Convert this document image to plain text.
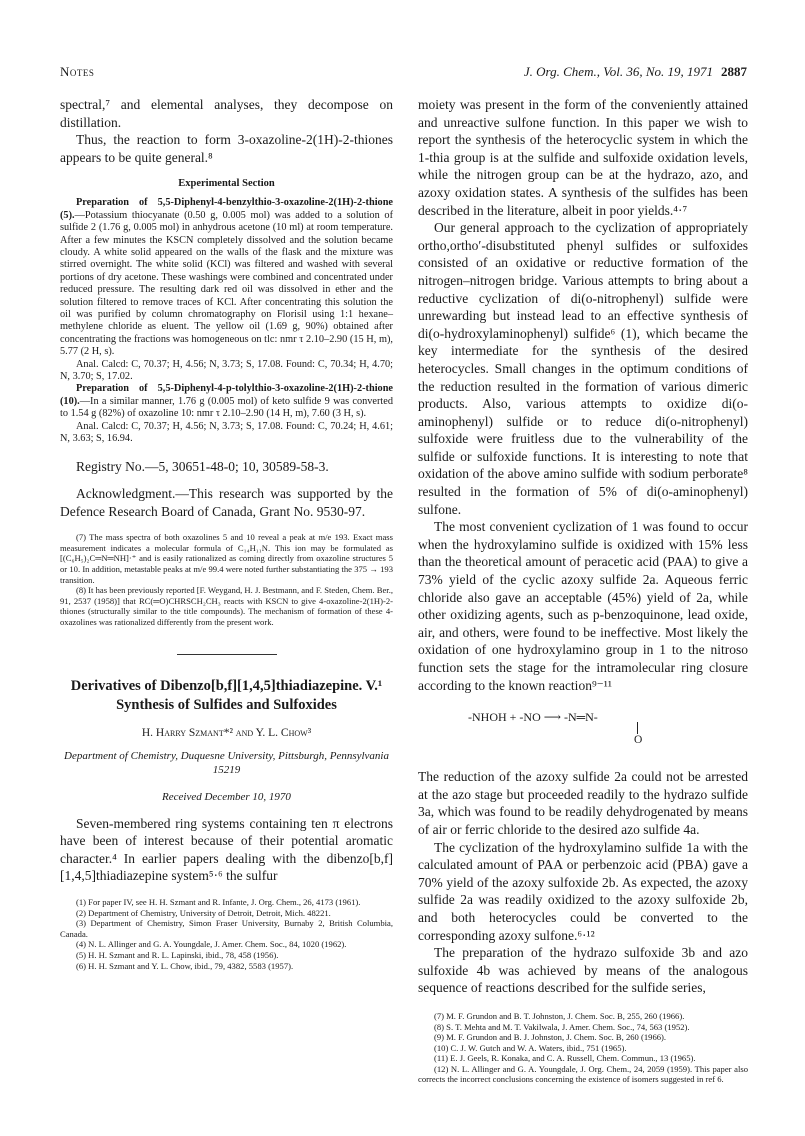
Notes	J. Org. Chem., Vol. 36, No. 19, 1971 2887

spectral,⁷ and elemental analyses, they decompose on distillation.

Thus, the reaction to form 3-oxazoline-2(1H)-2-thiones appears to be quite general.⁸

Experimental Section

Preparation of 5,5-Diphenyl-4-benzylthio-3-oxazoline-2(1H)-2-thione (5).—Potassium thiocyanate (0.50 g, 0.005 mol) was added to a solution of sulfide 2 (1.76 g, 0.005 mol) in anhydrous acetone (10 ml) at room temperature. After a few minutes the KSCN completely dissolved and the solution became cloudy. A white solid appeared on the walls of the flask and the mixture was stirred overnight. The white solid (KCl) was filtered and washed with several portions of dry acetone. These washings were combined and concentrated under reduced pressure. The resulting dark red oil was dissolved in ether and the solution filtered to remove traces of KCl. After concentrating this solution the oil was purified by column chromatography on Florisil using 1:1 hexane–methylene chloride as eluent. The yellow oil (1.69 g, 90%) obtained after concentrating the fractions was homogeneous on tlc: nmr τ 2.10–2.90 (15 H, m), 5.77 (2 H, s).

Anal. Calcd: C, 70.37; H, 4.56; N, 3.73; S, 17.08. Found: C, 70.34; H, 4.70; N, 3.70; S, 17.02.

Preparation of 5,5-Diphenyl-4-p-tolylthio-3-oxazoline-2(1H)-2-thione (10).—In a similar manner, 1.76 g (0.005 mol) of keto sulfide 9 was converted to 1.54 g (82%) of oxazoline 10: nmr τ 2.10–2.90 (14 H, m), 7.60 (3 H, s).

Anal. Calcd: C, 70.37; H, 4.56; N, 3.73; S, 17.08. Found: C, 70.24; H, 4.61; N, 3.63; S, 16.94.

Registry No.—5, 30651-48-0; 10, 30589-58-3.

Acknowledgment.—This research was supported by the Defence Research Board of Canada, Grant No. 9530-97.

(7) The mass spectra of both oxazolines 5 and 10 reveal a peak at m/e 193. Exact mass measurement indicates a molecular formula of C₁₄H₁₁N. This ion may be formulated as [(C₆H₅)₂C═N═NH]·⁺ and is easily rationalized as coming directly from oxazoline structures 5 or 10. In addition, metastable peaks at m/e 99.4 were noted further substantiating the 375 → 193 transition.

(8) It has been previously reported [F. Weygand, H. J. Bestmann, and F. Steden, Chem. Ber., 91, 2537 (1958)] that RC(═O)CHRSCH₂CH₃ reacts with KSCN to give 4-oxazoline-2(1H)-2-thiones (structurally similar to the title compounds). The mechanism of formation of these 4-oxazolines was rationalized differently from the present work.

Derivatives of Dibenzo[b,f][1,4,5]thiadiazepine. V.¹ Synthesis of Sulfides and Sulfoxides
H. Harry Szmant*² and Y. L. Chow³
Department of Chemistry, Duquesne University, Pittsburgh, Pennsylvania 15219
Received December 10, 1970

Seven-membered ring systems containing ten π electrons have been of interest because of their potential aromatic character.⁴ In earlier papers dealing with the dibenzo[b,f][1,4,5]thiadiazepine system⁵·⁶ the sulfur

(1) For paper IV, see H. H. Szmant and R. Infante, J. Org. Chem., 26, 4173 (1961).

(2) Department of Chemistry, University of Detroit, Detroit, Mich. 48221.

(3) Department of Chemistry, Simon Fraser University, Burnaby 2, British Columbia, Canada.

(4) N. L. Allinger and G. A. Youngdale, J. Amer. Chem. Soc., 84, 1020 (1962).

(5) H. H. Szmant and R. L. Lapinski, ibid., 78, 458 (1956).

(6) H. H. Szmant and Y. L. Chow, ibid., 79, 4382, 5583 (1957).

moiety was present in the form of the conveniently attained and unreactive sulfone function. In this paper we wish to report the synthesis of the heterocyclic system in which the 1-thia group is at the sulfide and sulfoxide oxidation levels, while the nitrogen group can be at the hydrazo, azo, and azoxy oxidation states. A synthesis of the sulfides has been described in the literature, albeit in poor yields.⁴·⁷

Our general approach to the cyclization of appropriately ortho,ortho′-disubstituted phenyl sulfides or sulfoxides consisted of an oxidative or reductive formation of the nitrogen–nitrogen bridge. Various attempts to bring about a reductive cyclization of di(o-nitrophenyl) sulfide were unrewarding but instead lead to an effective synthesis of di(o-hydroxylaminophenyl) sulfide⁶ (1), which became the key intermediate for the synthesis of the desired heterocycles. Small changes in the optimum conditions of the reduction resulted in the formation of various dimeric products. Also, various attempts to oxidize di(o-aminophenyl) sulfide or to reduce di(o-nitrophenyl) sulfoxide were fruitless due to the vulnerability of the sulfide or sulfoxide functions. It is interesting to note that oxidation of the above amino sulfide with sodium perborate⁸ resulted in the formation of 5% of di(o-aminophenyl) sulfone.

The most convenient cyclization of 1 was found to occur when the hydroxylamino sulfide is oxidized with 15% less than the theoretical amount of peracetic acid (PAA) to give a 73% yield of the cyclic azoxy sulfide 2a. Aqueous ferric chloride also gave an acceptable (45%) yield of 2a, while other oxidizing agents, such as p-benzoquinone, lead oxide, air, and others, were found to be ineffective. Most likely the oxidation of one hydroxylamino group in 1 to the nitroso function sets the stage for the intramolecular ring closure according to the known reaction⁹⁻¹¹

-NHOH + -NO ⟶ -N═N-
O

The reduction of the azoxy sulfide 2a could not be arrested at the azo stage but proceeded readily to the hydrazo sulfide 3a, which was found to be readily dehydrogenated by means of air or ferric chloride to the desired azo sulfide 4a.

The cyclization of the hydroxylamino sulfide 1a with the calculated amount of PAA or perbenzoic acid (PBA) gave a 70% yield of the azoxy sulfoxide 2b. As expected, the azoxy sulfide 2a was readily oxidized to the azoxy sulfoxide 2b, and both heterocycles could be converted to the corresponding azoxy sulfone.⁶·¹²

The preparation of the hydrazo sulfoxide 3b and azo sulfoxide 4b was achieved by means of the analogous sequence of reactions described for the sulfide series,

(7) M. F. Grundon and B. T. Johnston, J. Chem. Soc. B, 255, 260 (1966).

(8) S. T. Mehta and M. T. Vakilwala, J. Amer. Chem. Soc., 74, 563 (1952).

(9) M. F. Grundon and B. J. Johnston, J. Chem. Soc. B, 260 (1966).

(10) C. J. W. Gutch and W. A. Waters, ibid., 751 (1965).

(11) E. J. Geels, R. Konaka, and C. A. Russell, Chem. Commun., 13 (1965).

(12) N. L. Allinger and G. A. Youngdale, J. Org. Chem., 24, 2059 (1959). This paper also corrects the incorrect conclusions concerning the existence of isomers suggested in ref 6.
